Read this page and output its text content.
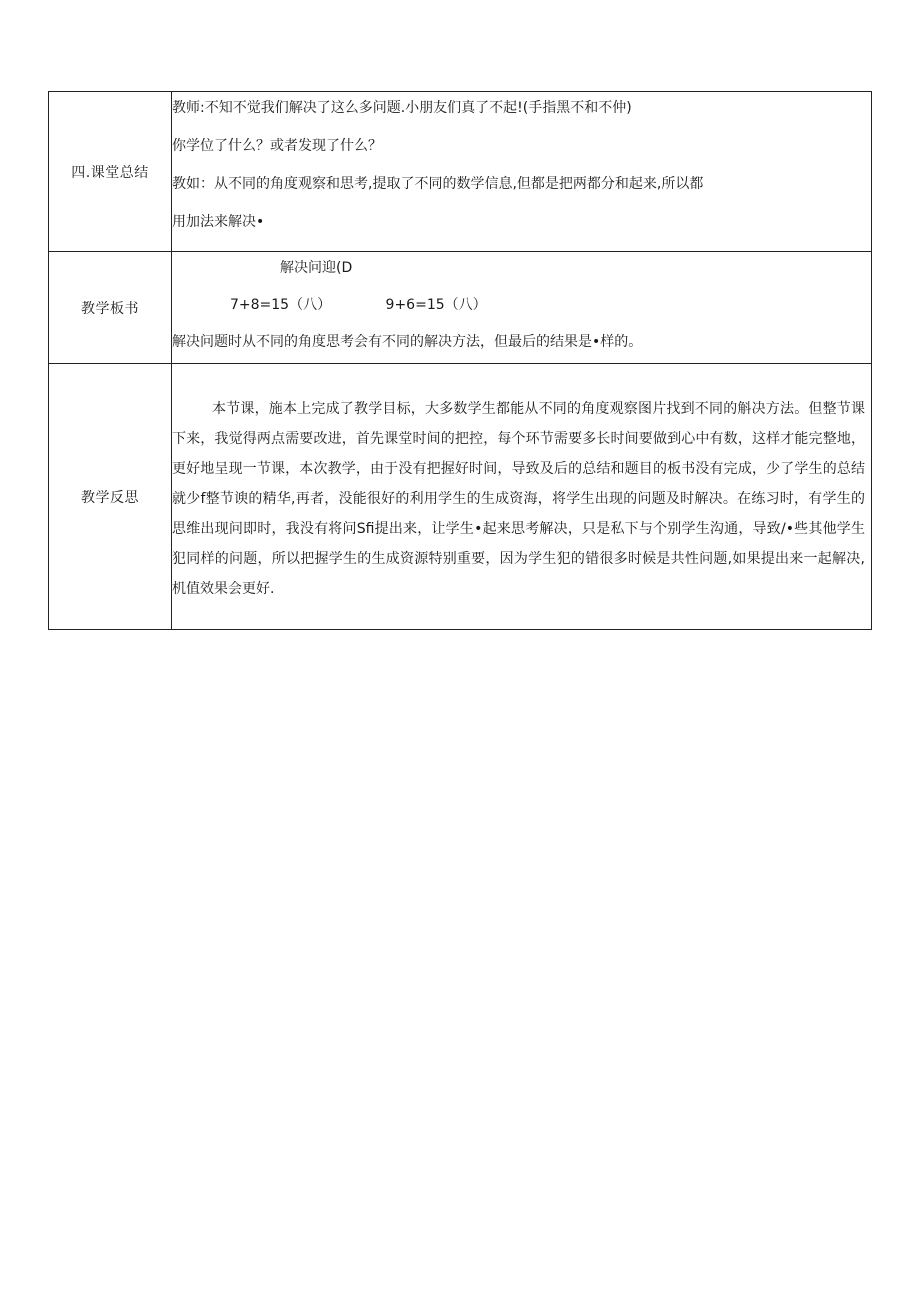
四.课堂总结	教师:不知不觉我们解决了这么多问题.小朋友们真了不起!(手指黑不和不仲)
你学位了什么？或者发现了什么？
教如：从不同的角度观察和思考,提取了不同的数学信息,但都是把两都分和起来,所以都
用加法来解决•

教学板书	解决问迎(D
7+8=15（八） 9+6=15（八）
解决问题时从不同的角度思考会有不同的解决方法，但最后的结果是•样的。

教学反思	本节课，施本上完成了教学目标，大多数学生都能从不同的角度观察图片找到不同的斛决方法。但整节课下来，我觉得两点需要改进，首先课堂时间的把控，每个环节需要多长时间要做到心中有数，这样才能完整地，更好地呈现一节课，本次教学，由于没有把握好时间，导致及后的总结和题目的板书没有完成，少了学生的总结就少f整节谀的精华,再者，没能很好的利用学生的生成资海，将学生出现的问题及时解决。在练习时，有学生的思维出现问即时，我没有将问Sfi提出来，让学生•起来思考解决，只是私下与个别学生沟通，导致/•些其他学生犯同样的问题，所以把握学生的生成资源特别重要，因为学生犯的错很多时候是共性问题,如果提出来一起解决,机值效果会更好.
